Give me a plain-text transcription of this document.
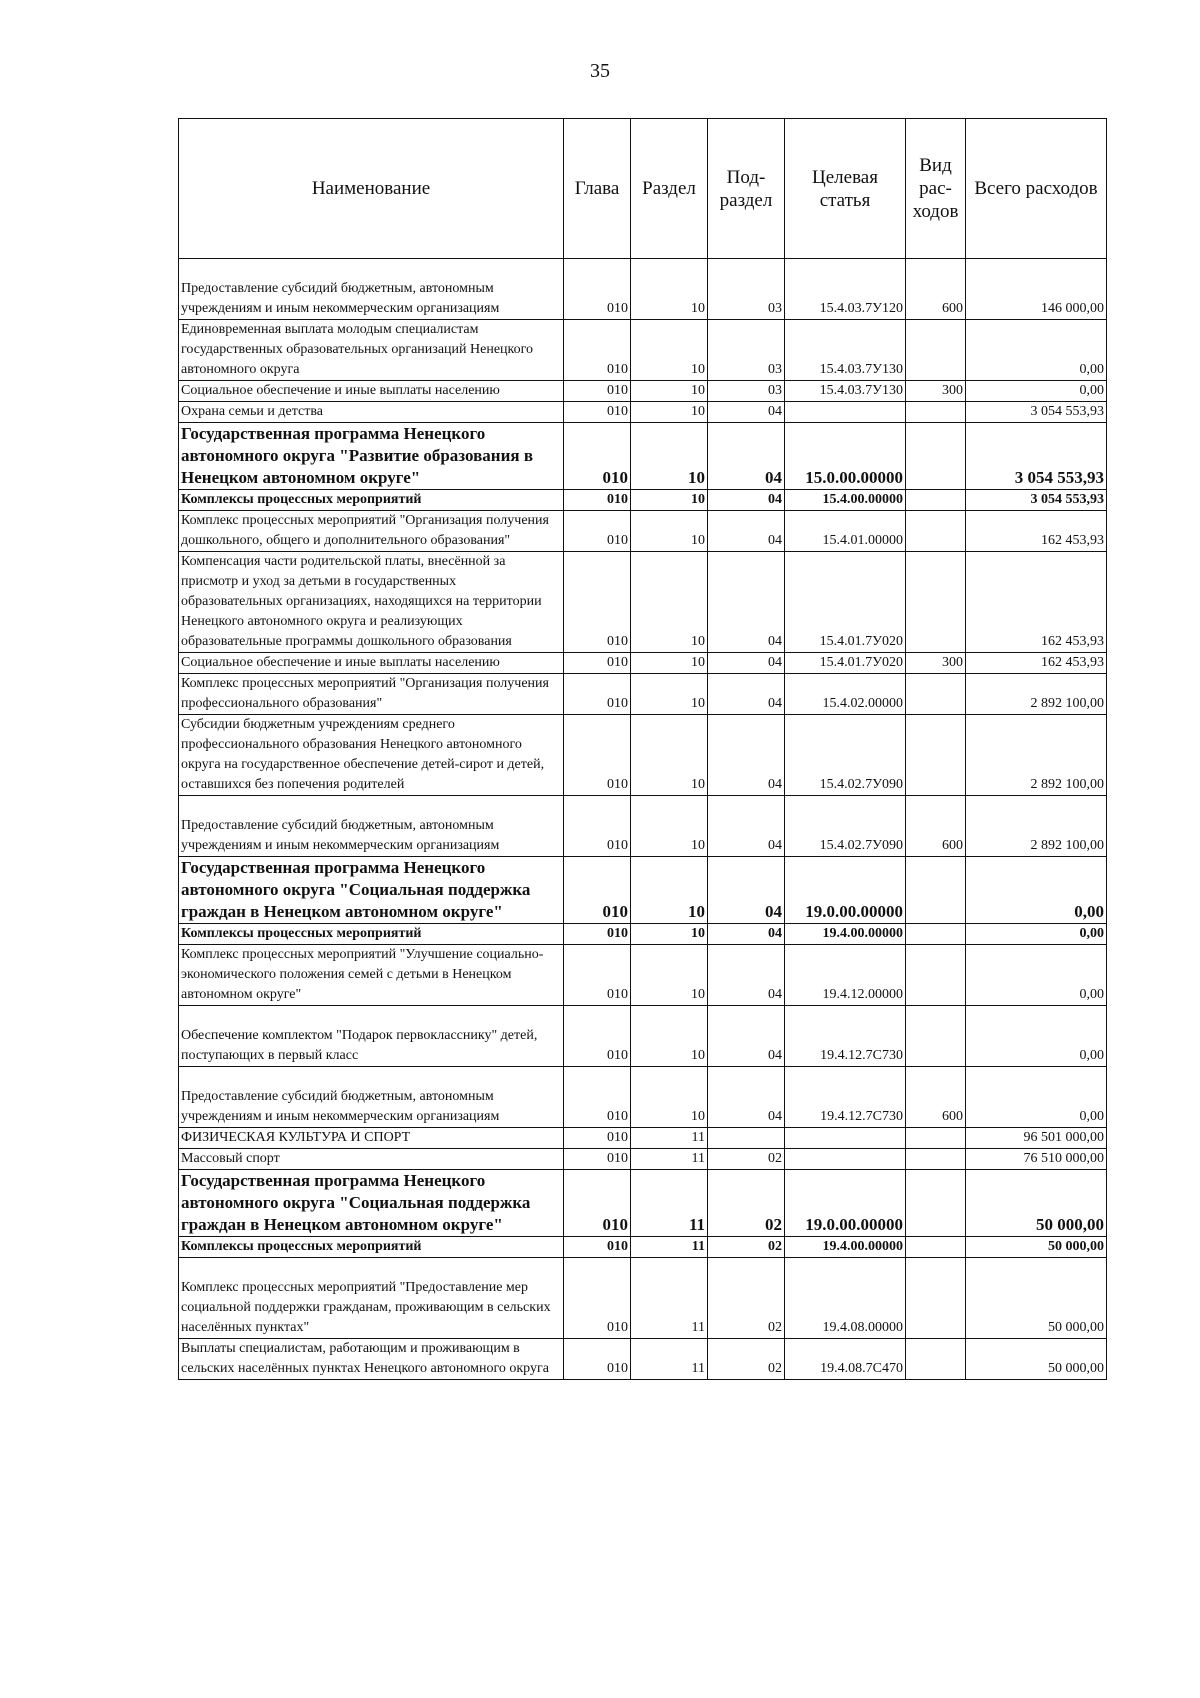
35
Наименование	Глава	Раздел	Под-раздел	Целевая статья	Вид рас-ходов	Всего расходов
Предоставление субсидий бюджетным, автономным учреждениям и иным некоммерческим организациям	010	10	03	15.4.03.7У120	600	146 000,00
Единовременная выплата молодым специалистам государственных образовательных организаций Ненецкого автономного округа	010	10	03	15.4.03.7У130		0,00
Социальное обеспечение и иные выплаты населению	010	10	03	15.4.03.7У130	300	0,00
Охрана семьи и детства	010	10	04			3 054 553,93
Государственная программа Ненецкого автономного округа "Развитие образования в Ненецком автономном округе"	010	10	04	15.0.00.00000		3 054 553,93
Комплексы процессных мероприятий	010	10	04	15.4.00.00000		3 054 553,93
Комплекс процессных мероприятий "Организация получения дошкольного, общего и дополнительного образования"	010	10	04	15.4.01.00000		162 453,93
Компенсация части родительской платы, внесённой за присмотр и уход за детьми в государственных образовательных организациях, находящихся на территории Ненецкого автономного округа и реализующих образовательные программы дошкольного образования	010	10	04	15.4.01.7У020		162 453,93
Социальное обеспечение и иные выплаты населению	010	10	04	15.4.01.7У020	300	162 453,93
Комплекс процессных мероприятий "Организация получения профессионального образования"	010	10	04	15.4.02.00000		2 892 100,00
Субсидии бюджетным учреждениям среднего профессионального образования Ненецкого автономного округа на государственное обеспечение детей-сирот и детей, оставшихся без попечения родителей	010	10	04	15.4.02.7У090		2 892 100,00
Предоставление субсидий бюджетным, автономным учреждениям и иным некоммерческим организациям	010	10	04	15.4.02.7У090	600	2 892 100,00
Государственная программа Ненецкого автономного округа "Социальная поддержка граждан в Ненецком автономном округе"	010	10	04	19.0.00.00000		0,00
Комплексы процессных мероприятий	010	10	04	19.4.00.00000		0,00
Комплекс процессных мероприятий "Улучшение социально-экономического положения семей с детьми в Ненецком автономном округе"	010	10	04	19.4.12.00000		0,00
Обеспечение комплектом "Подарок первокласснику" детей, поступающих в первый класс	010	10	04	19.4.12.7С730		0,00
Предоставление субсидий бюджетным, автономным учреждениям и иным некоммерческим организациям	010	10	04	19.4.12.7С730	600	0,00
ФИЗИЧЕСКАЯ КУЛЬТУРА И СПОРТ	010	11				96 501 000,00
Массовый спорт	010	11	02			76 510 000,00
Государственная программа Ненецкого автономного округа "Социальная поддержка граждан в Ненецком автономном округе"	010	11	02	19.0.00.00000		50 000,00
Комплексы процессных мероприятий	010	11	02	19.4.00.00000		50 000,00
Комплекс процессных мероприятий "Предоставление мер социальной поддержки гражданам, проживающим в сельских населённых пунктах"	010	11	02	19.4.08.00000		50 000,00
Выплаты специалистам, работающим и проживающим в сельских населённых пунктах Ненецкого автономного округа	010	11	02	19.4.08.7С470		50 000,00
